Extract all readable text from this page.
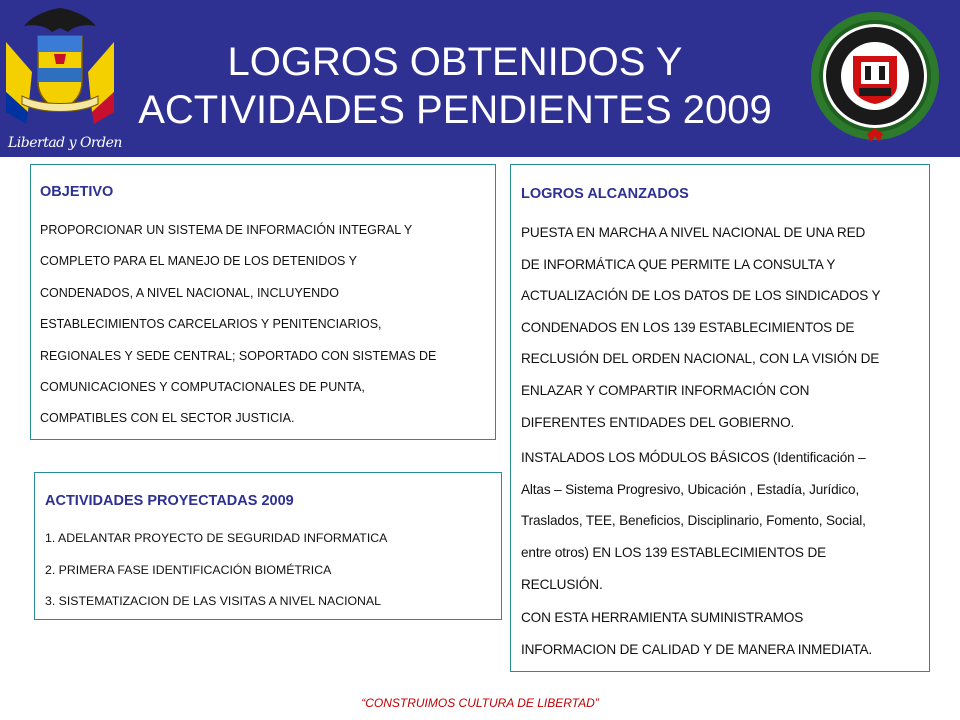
Libertad y Orden
LOGROS OBTENIDOS Y
ACTIVIDADES PENDIENTES 2009
OBJETIVO
PROPORCIONAR UN SISTEMA DE INFORMACIÓN INTEGRAL Y
COMPLETO PARA EL MANEJO DE LOS DETENIDOS Y
CONDENADOS, A NIVEL NACIONAL, INCLUYENDO
ESTABLECIMIENTOS CARCELARIOS Y PENITENCIARIOS,
REGIONALES Y SEDE CENTRAL; SOPORTADO CON SISTEMAS DE
COMUNICACIONES Y COMPUTACIONALES DE PUNTA,
COMPATIBLES CON EL SECTOR JUSTICIA.
ACTIVIDADES PROYECTADAS 2009
1. ADELANTAR PROYECTO DE SEGURIDAD INFORMATICA
2. PRIMERA FASE IDENTIFICACIÓN BIOMÉTRICA
3. SISTEMATIZACION DE LAS VISITAS A NIVEL NACIONAL
LOGROS ALCANZADOS
PUESTA EN MARCHA A NIVEL NACIONAL DE UNA RED
DE INFORMÁTICA QUE PERMITE LA CONSULTA Y
ACTUALIZACIÓN DE LOS DATOS DE LOS SINDICADOS Y
CONDENADOS EN LOS 139 ESTABLECIMIENTOS DE
RECLUSIÓN DEL ORDEN NACIONAL, CON LA VISIÓN DE
ENLAZAR Y COMPARTIR INFORMACIÓN CON
DIFERENTES ENTIDADES DEL GOBIERNO.
INSTALADOS LOS MÓDULOS BÁSICOS (Identificación –
Altas – Sistema Progresivo, Ubicación , Estadía, Jurídico,
Traslados, TEE, Beneficios, Disciplinario, Fomento, Social,
entre otros) EN LOS 139 ESTABLECIMIENTOS DE
RECLUSIÓN.
CON ESTA HERRAMIENTA SUMINISTRAMOS
INFORMACION DE CALIDAD Y DE MANERA INMEDIATA.
“CONSTRUIMOS CULTURA DE LIBERTAD”
